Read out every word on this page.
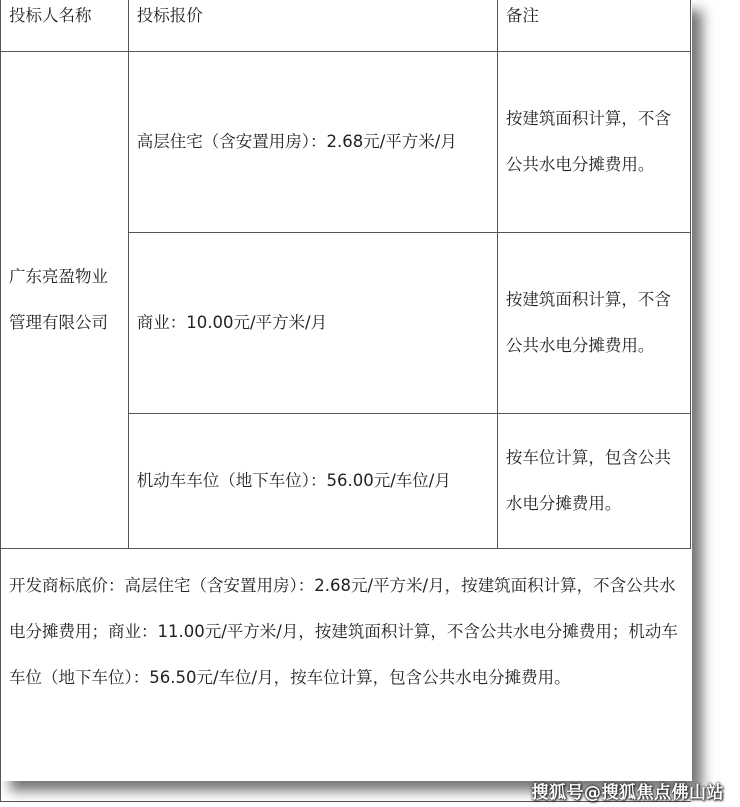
投标人名称	投标报价	备注
广东亮盈物业管理有限公司	高层住宅（含安置用房）：2.68元/平方米/月	按建筑面积计算，不含公共水电分摊费用。
	商业：10.00元/平方米/月	按建筑面积计算，不含公共水电分摊费用。
	机动车车位（地下车位）：56.00元/车位/月	按车位计算，包含公共水电分摊费用。
开发商标底价：高层住宅（含安置用房）：2.68元/平方米/月，按建筑面积计算，不含公共水电分摊费用；商业：11.00元/平方米/月，按建筑面积计算，不含公共水电分摊费用；机动车车位（地下车位）：56.50元/车位/月，按车位计算，包含公共水电分摊费用。		
搜狐号@搜狐焦点佛山站
